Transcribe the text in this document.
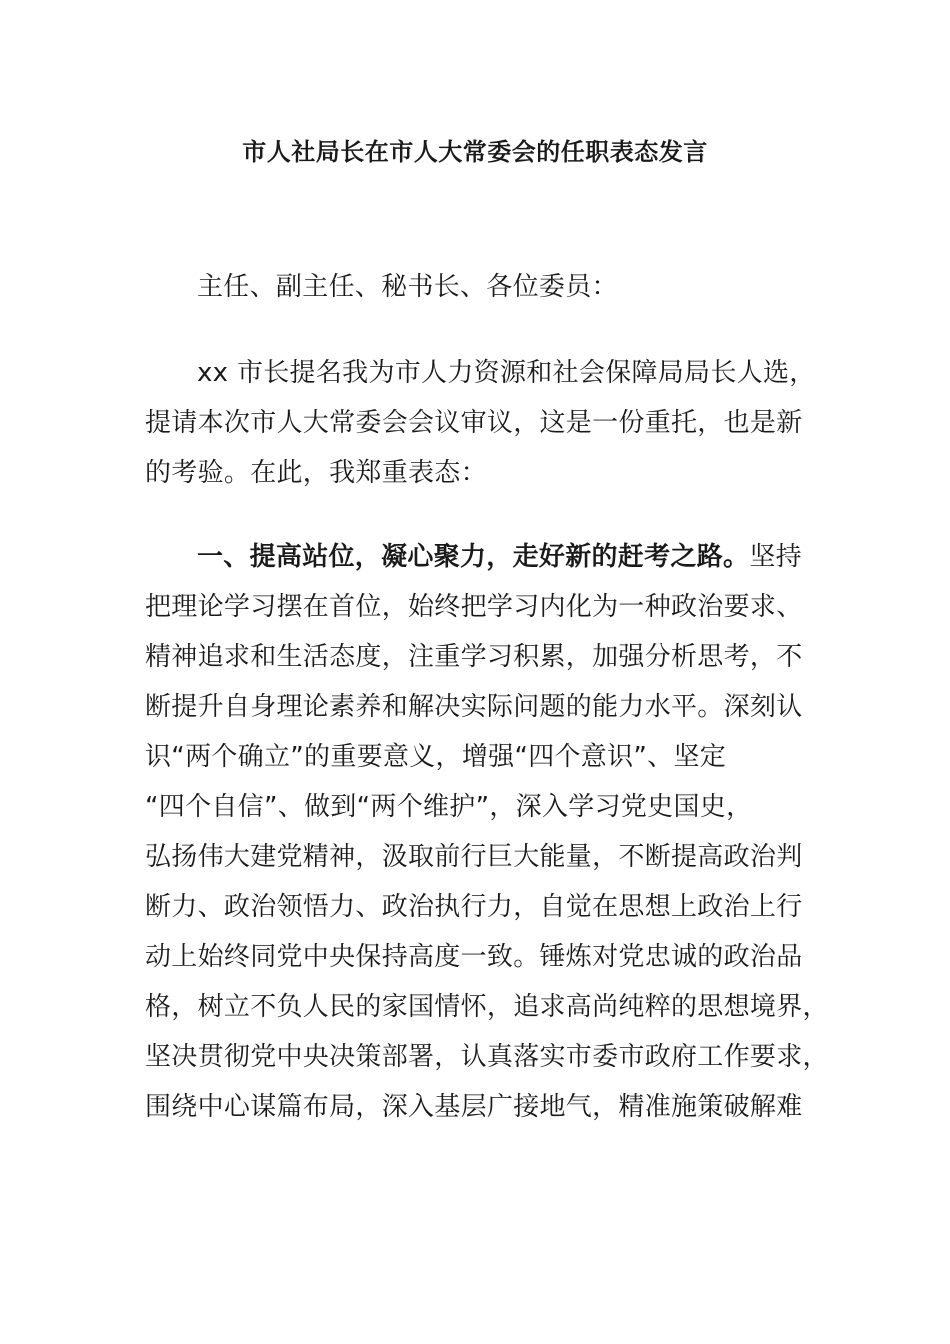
市人社局长在市人大常委会的任职表态发言

主任、副主任、秘书长、各位委员：

xx 市长提名我为市人力资源和社会保障局局长人选，
提请本次市人大常委会会议审议，这是一份重托，也是新
的考验。在此，我郑重表态：

一、提高站位，凝心聚力，走好新的赶考之路。坚持
把理论学习摆在首位，始终把学习内化为一种政治要求、
精神追求和生活态度，注重学习积累，加强分析思考，不
断提升自身理论素养和解决实际问题的能力水平。深刻认
识“两个确立”的重要意义，增强“四个意识”、坚定
“四个自信”、做到“两个维护”，深入学习党史国史，
弘扬伟大建党精神，汲取前行巨大能量，不断提高政治判
断力、政治领悟力、政治执行力，自觉在思想上政治上行
动上始终同党中央保持高度一致。锤炼对党忠诚的政治品
格，树立不负人民的家国情怀，追求高尚纯粹的思想境界，
坚决贯彻党中央决策部署，认真落实市委市政府工作要求，
围绕中心谋篇布局，深入基层广接地气，精准施策破解难
